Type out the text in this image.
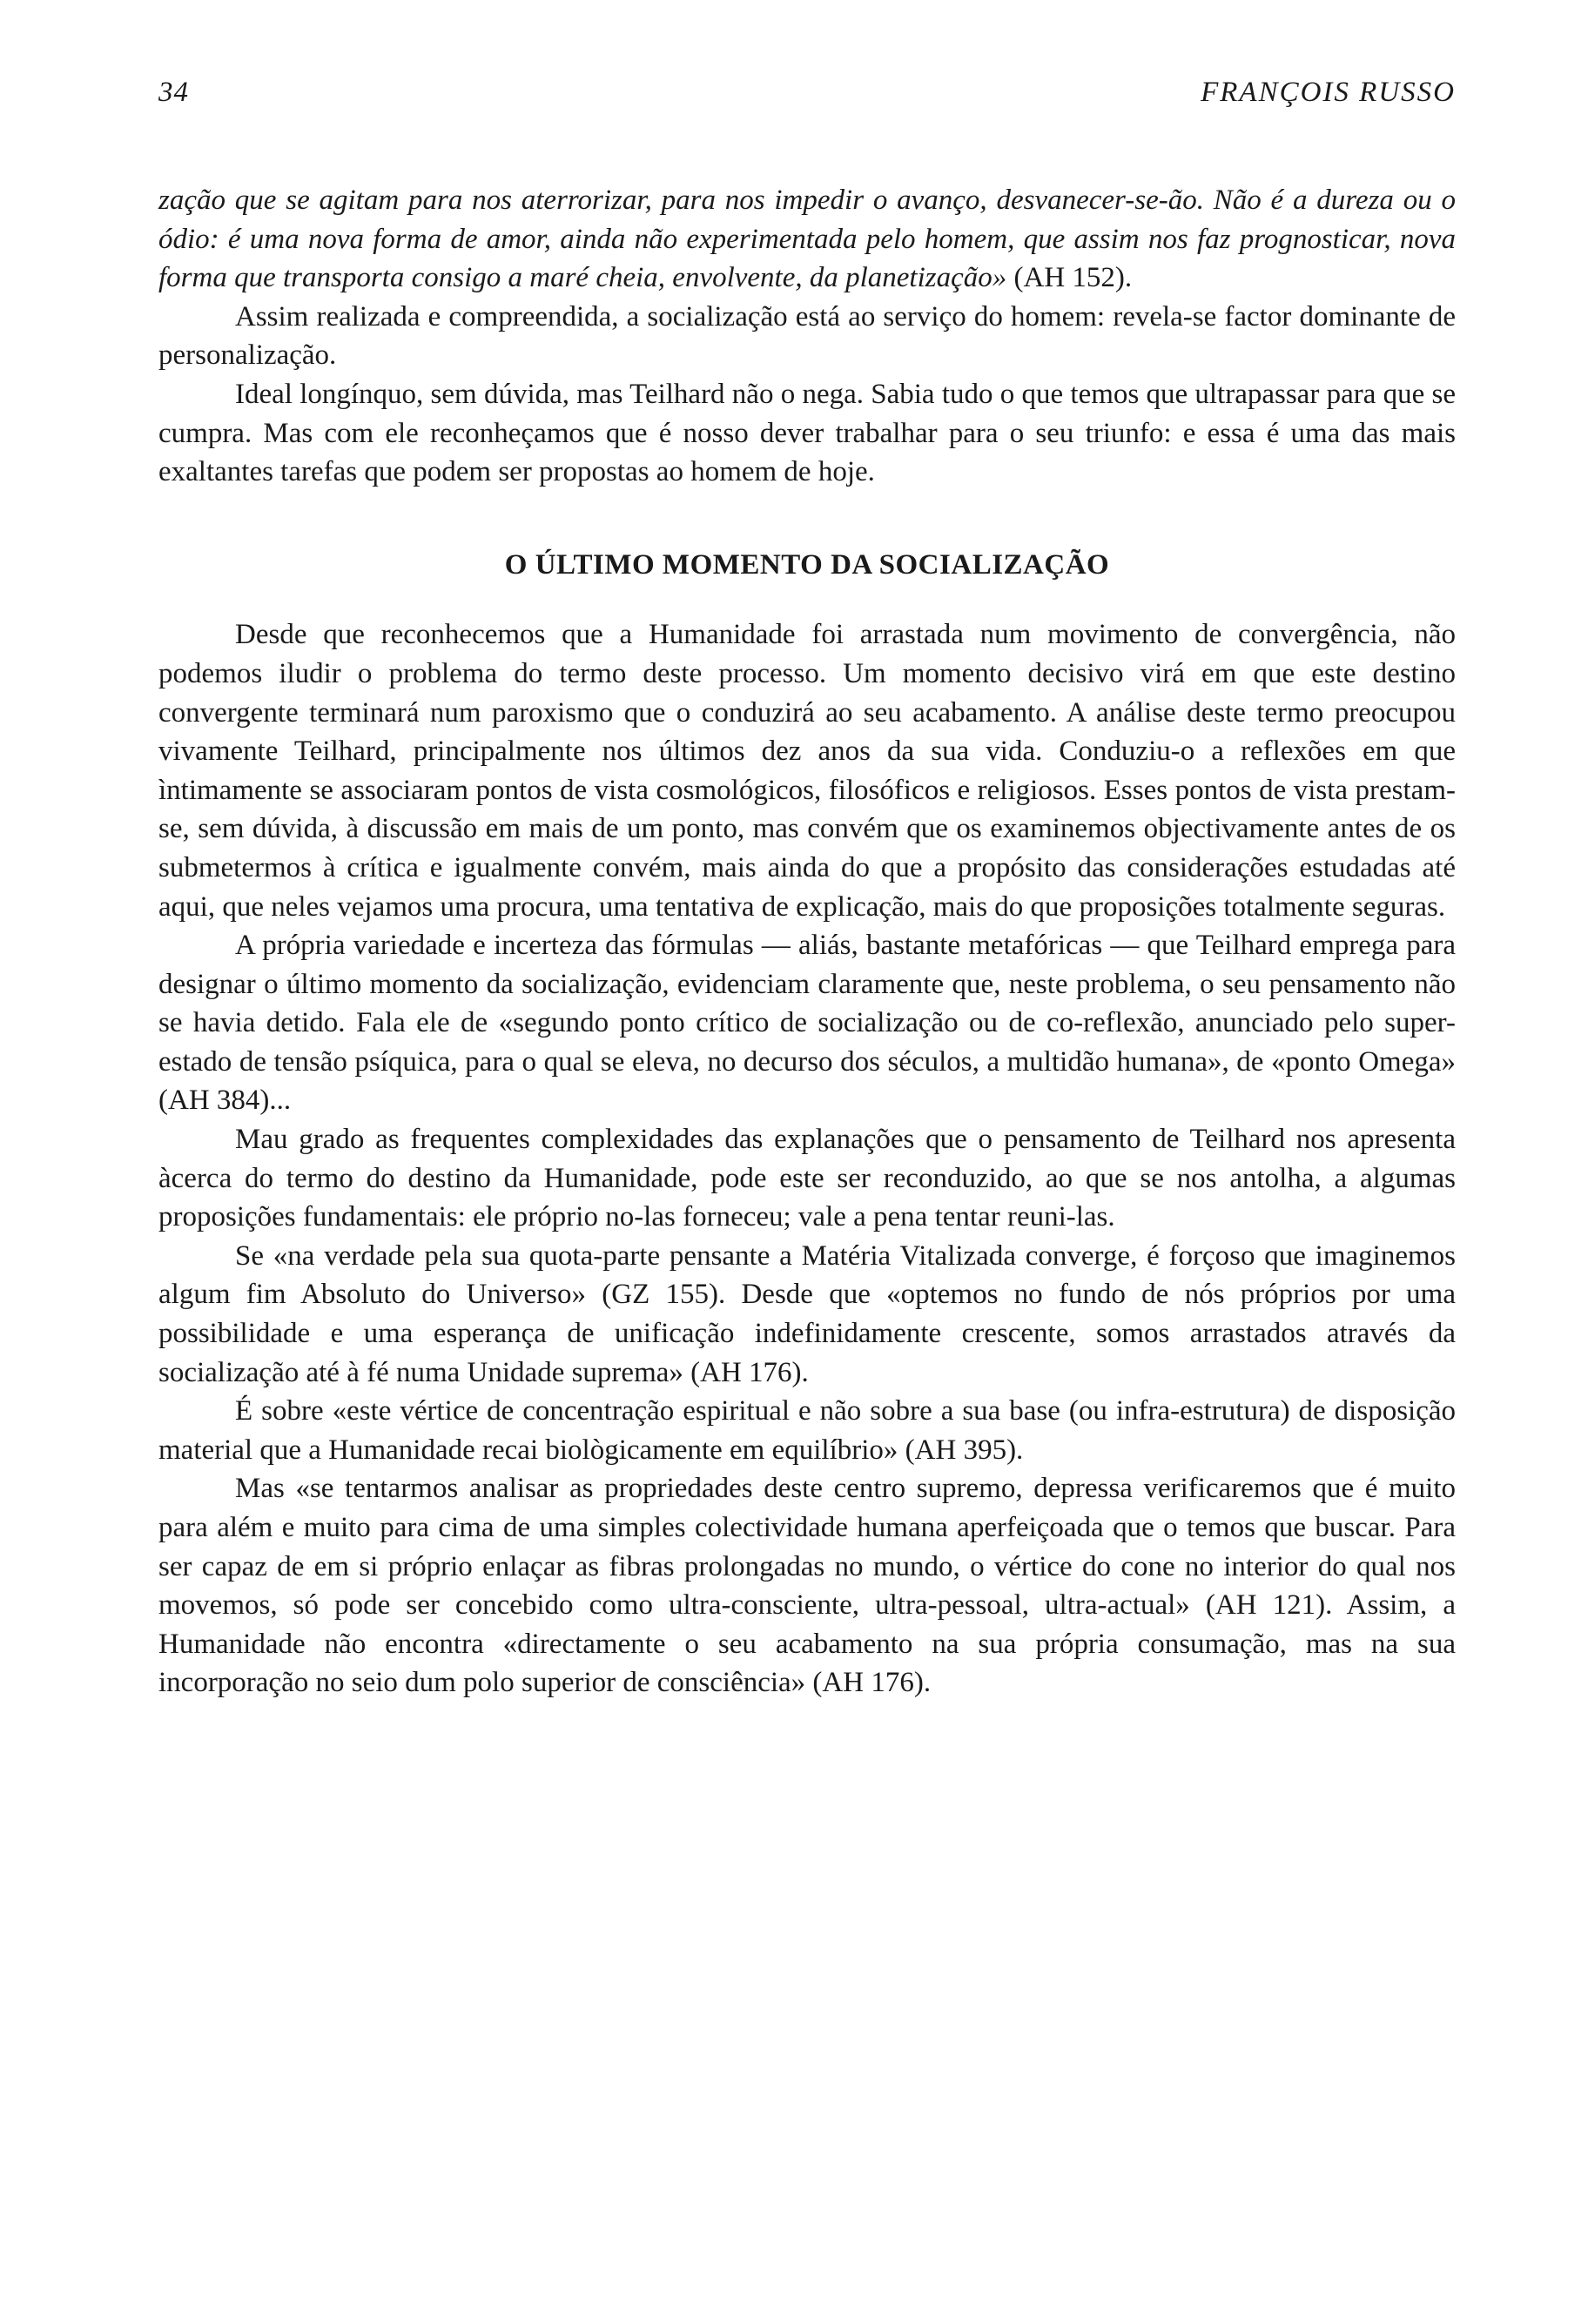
34	FRANÇOIS RUSSO

zação que se agitam para nos aterrorizar, para nos impedir o avanço, desvanecer-se-ão. Não é a dureza ou o ódio: é uma nova forma de amor, ainda não experimentada pelo homem, que assim nos faz prognosticar, nova forma que transporta consigo a maré cheia, envolvente, da planetização» (AH 152).

Assim realizada e compreendida, a socialização está ao serviço do homem: revela-se factor dominante de personalização.

Ideal longínquo, sem dúvida, mas Teilhard não o nega. Sabia tudo o que temos que ultrapassar para que se cumpra. Mas com ele reconheçamos que é nosso dever trabalhar para o seu triunfo: e essa é uma das mais exaltantes tarefas que podem ser propostas ao homem de hoje.

O ÚLTIMO MOMENTO DA SOCIALIZAÇÃO

Desde que reconhecemos que a Humanidade foi arrastada num movimento de convergência, não podemos iludir o problema do termo deste processo. Um momento decisivo virá em que este destino convergente terminará num paroxismo que o conduzirá ao seu acabamento. A análise deste termo preocupou vivamente Teilhard, principalmente nos últimos dez anos da sua vida. Conduziu-o a reflexões em que ìntimamente se associaram pontos de vista cosmológicos, filosóficos e religiosos. Esses pontos de vista prestam-se, sem dúvida, à discussão em mais de um ponto, mas convém que os examinemos objectivamente antes de os submetermos à crítica e igualmente convém, mais ainda do que a propósito das considerações estudadas até aqui, que neles vejamos uma procura, uma tentativa de explicação, mais do que proposições totalmente seguras.

A própria variedade e incerteza das fórmulas — aliás, bastante metafóricas — que Teilhard emprega para designar o último momento da socialização, evidenciam claramente que, neste problema, o seu pensamento não se havia detido. Fala ele de «segundo ponto crítico de socialização ou de co-reflexão, anunciado pelo super-estado de tensão psíquica, para o qual se eleva, no decurso dos séculos, a multidão humana», de «ponto Omega» (AH 384)...

Mau grado as frequentes complexidades das explanações que o pensamento de Teilhard nos apresenta àcerca do termo do destino da Humanidade, pode este ser reconduzido, ao que se nos antolha, a algumas proposições fundamentais: ele próprio no-las forneceu; vale a pena tentar reuni-las.

Se «na verdade pela sua quota-parte pensante a Matéria Vitalizada converge, é forçoso que imaginemos algum fim Absoluto do Universo» (GZ 155). Desde que «optemos no fundo de nós próprios por uma possibilidade e uma esperança de unificação indefinidamente crescente, somos arrastados através da socialização até à fé numa Unidade suprema» (AH 176).

É sobre «este vértice de concentração espiritual e não sobre a sua base (ou infra-estrutura) de disposição material que a Humanidade recai biològicamente em equilíbrio» (AH 395).

Mas «se tentarmos analisar as propriedades deste centro supremo, depressa verificaremos que é muito para além e muito para cima de uma simples colectividade humana aperfeiçoada que o temos que buscar. Para ser capaz de em si próprio enlaçar as fibras prolongadas no mundo, o vértice do cone no interior do qual nos movemos, só pode ser concebido como ultra-consciente, ultra-pessoal, ultra-actual» (AH 121). Assim, a Humanidade não encontra «directamente o seu acabamento na sua própria consumação, mas na sua incorporação no seio dum polo superior de consciência» (AH 176).
